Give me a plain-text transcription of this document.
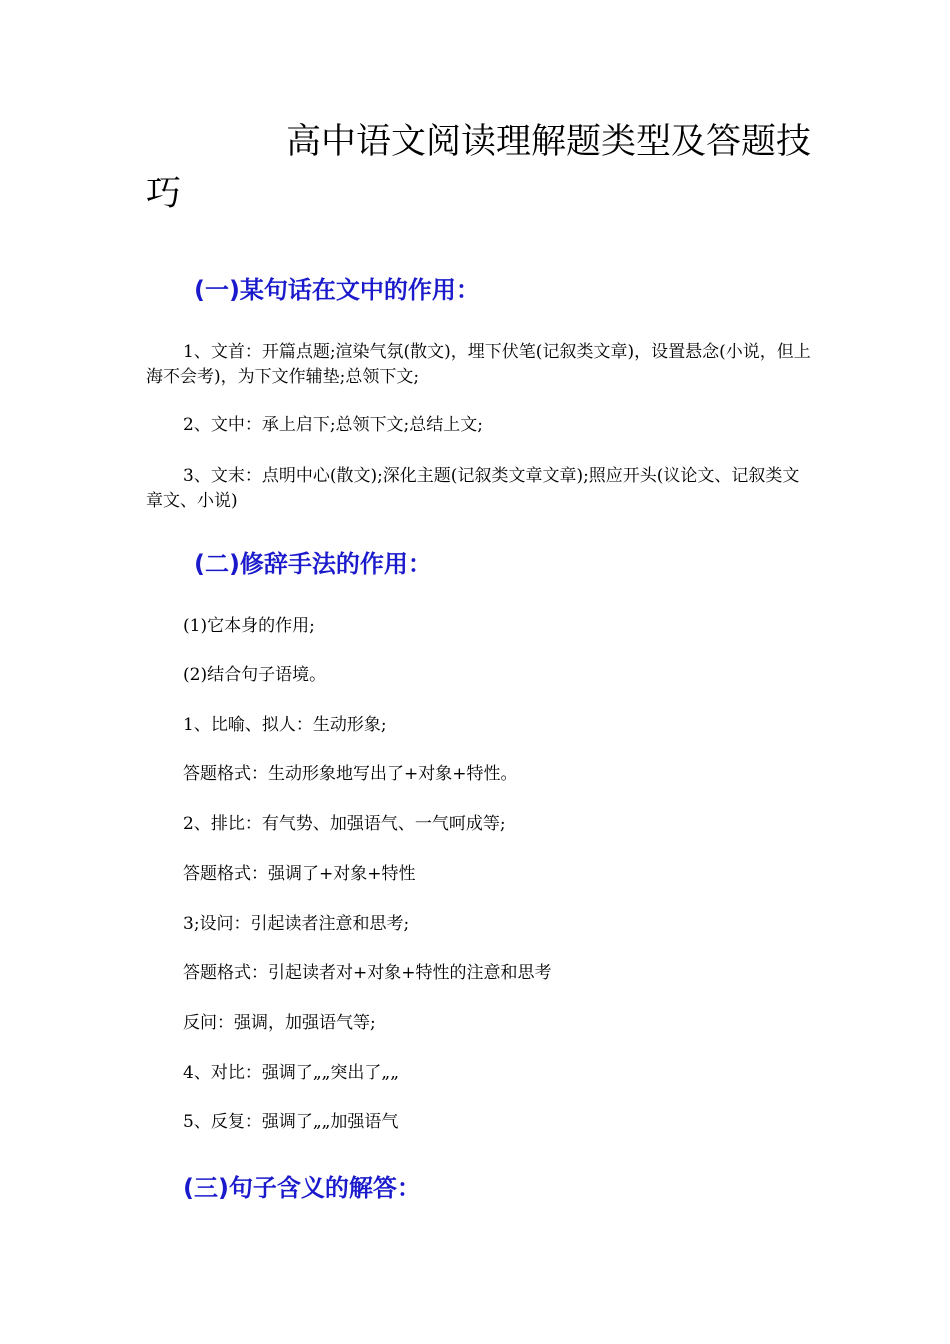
高中语文阅读理解题类型及答题技巧
(一)某句话在文中的作用：

1、文首：开篇点题;渲染气氛(散文)，埋下伏笔(记叙类文章)，设置悬念(小说，但上海不会考)，为下文作辅垫;总领下文;

2、文中：承上启下;总领下文;总结上文;

3、文末：点明中心(散文);深化主题(记叙类文章文章);照应开头(议论文、记叙类文章文、小说)

(二)修辞手法的作用：

(1)它本身的作用;

(2)结合句子语境。

1、比喻、拟人：生动形象;

答题格式：生动形象地写出了+对象+特性。

2、排比：有气势、加强语气、一气呵成等;

答题格式：强调了+对象+特性

3;设问：引起读者注意和思考;

答题格式：引起读者对+对象+特性的注意和思考

反问：强调，加强语气等;

4、对比：强调了„„突出了„„

5、反复：强调了„„加强语气

(三)句子含义的解答：
